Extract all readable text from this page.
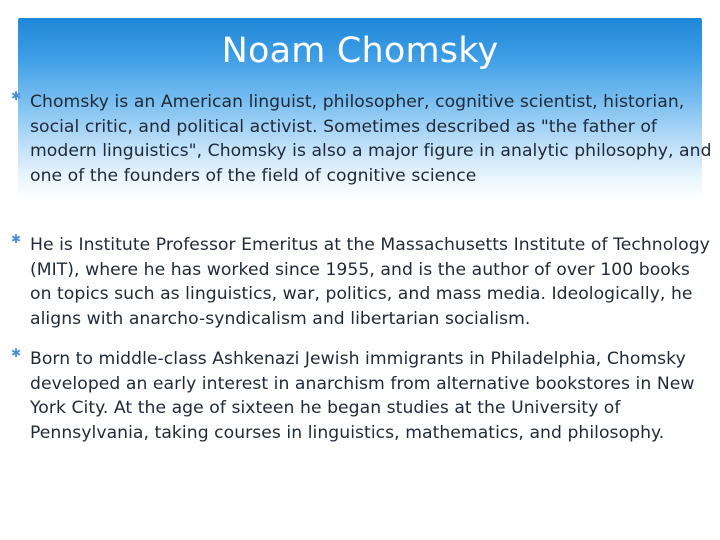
Noam Chomsky
✱ Chomsky is an American linguist, philosopher, cognitive scientist, historian, social critic, and political activist. Sometimes described as "the father of modern linguistics", Chomsky is also a major figure in analytic philosophy, and one of the founders of the field of cognitive science
✱ He is Institute Professor Emeritus at the Massachusetts Institute of Technology (MIT), where he has worked since 1955, and is the author of over 100 books on topics such as linguistics, war, politics, and mass media. Ideologically, he aligns with anarcho-syndicalism and libertarian socialism.
✱ Born to middle-class Ashkenazi Jewish immigrants in Philadelphia, Chomsky developed an early interest in anarchism from alternative bookstores in New York City. At the age of sixteen he began studies at the University of Pennsylvania, taking courses in linguistics, mathematics, and philosophy.
